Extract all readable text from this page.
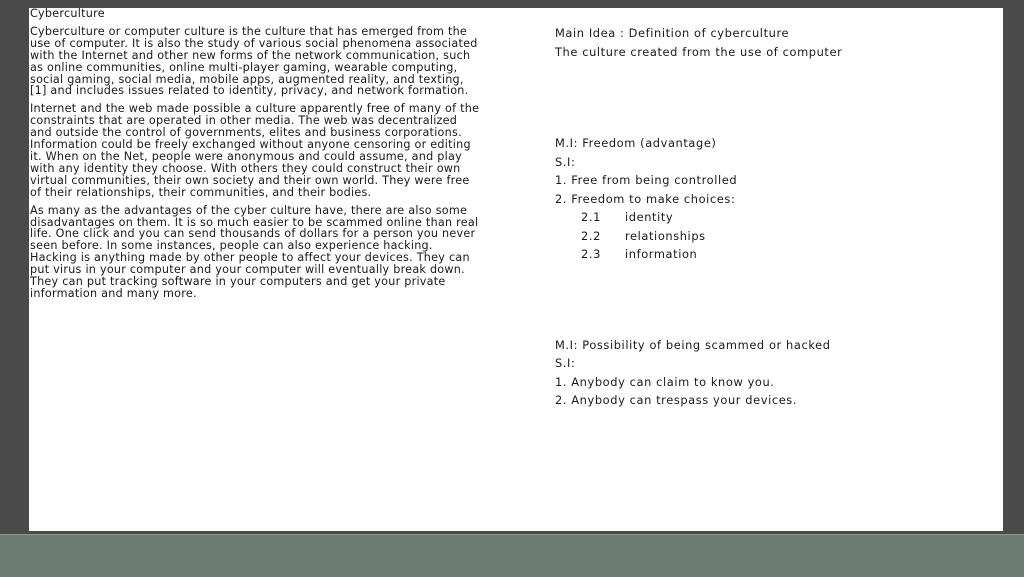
Cyberculture

Cyberculture or computer culture is the culture that has emerged from the use of computer. It is also the study of various social phenomena associated with the Internet and other new forms of the network communication, such as online communities, online multi-player gaming, wearable computing, social gaming, social media, mobile apps, augmented reality, and texting,[1] and includes issues related to identity, privacy, and network formation.

Internet and the web made possible a culture apparently free of many of the constraints that are operated in other media. The web was decentralized and outside the control of governments, elites and business corporations. Information could be freely exchanged without anyone censoring or editing it. When on the Net, people were anonymous and could assume, and play with any identity they choose. With others they could construct their own virtual communities, their own society and their own world. They were free of their relationships, their communities, and their bodies.

As many as the advantages of the cyber culture have, there are also some disadvantages on them. It is so much easier to be scammed online than real life. One click and you can send thousands of dollars for a person you never seen before. In some instances, people can also experience hacking. Hacking is anything made by other people to affect your devices. They can put virus in your computer and your computer will eventually break down. They can put tracking software in your computers and get your private information and many more.

Main Idea : Definition of cyberculture
The culture created from the use of computer
M.I: Freedom (advantage)
S.I:
1. Free from being controlled
2. Freedom to make choices:
2.1 identity
2.2 relationships
2.3 information
M.I: Possibility of being scammed or hacked
S.I:
1. Anybody can claim to know you.
2. Anybody can trespass your devices.
